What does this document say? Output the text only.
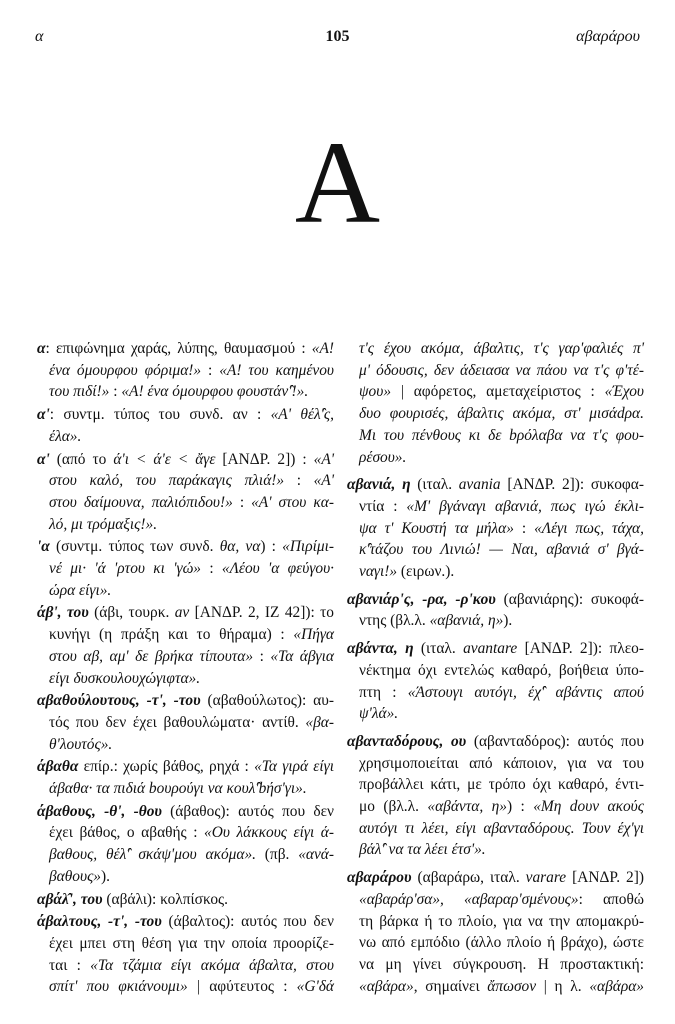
α	105	αβαράρου
Α
α: επιφώνημα χαράς, λύπης, θαυμασμού : «Α!
ένα όμουρφου φόριμα!» : «Α! του καημένου
του πιδί!» : «Α! ένα όμουρφου φουστάν̂'!».
α': συντμ. τύπος του συνδ. αν : «Α' θέλ̂'ς,
έλα».
α' (από το ά'ι < ά'ε < ἄγε [ΑΝΔΡ. 2]) : «Α'
στου καλό, του παράκαγις πλιά!» : «Α'
στου δαίμουνα, παλιόπιδου!» : «Α' στου κα-
λό, μι τρόμαξις!».
'α (συντμ. τύπος των συνδ. θα, να) : «Πιρίμι-
νέ μι· 'ά 'ρτου κι 'γώ» : «Λέου 'α φεύγου·
ώρα είγι».
άβ', του (άβι, τουρκ. av [ΑΝΔΡ. 2, ΙΖ 42]): το
κυνήγι (η πράξη και το θήραμα) : «Πήγα
στου αβ, αμ' δε βρήκα τίπουτα» : «Τα άβγια
είγι δυσκουλουχώγιφτα».
αβαθούλουτους, -τ', -του (αβαθούλωτος): αυ-
τός που δεν έχει βαθουλώματα· αντίθ. «βα-
θ'λουτός».
άβαθα επίρ.: χωρίς βάθος, ρηχά : «Τα γιρά είγι
άβαθα· τα πιδιά bουρούγι να κουλ̂'bήσ'γι».
άβαθους, -θ', -θου (άβαθος): αυτός που δεν
έχει βάθος, ο αβαθής : «Ου λάκκους είγι ά-
βαθους, θέλ̂' σκάψ'μου ακόμα». (πβ. «ανά-
βαθους»).
αβάλ̂', του (αβάλι): κολπίσκος.
άβαλτους, -τ', -του (άβαλτος): αυτός που δεν
έχει μπει στη θέση για την οποία προορίζε-
ται : «Τα τζάμια είγι ακόμα άβαλτα, στου
σπίτ' που φκιάνουμι» | αφύτευτος : «G'δά
τ'ς έχου ακόμα, άβαλτις, τ'ς γαρ'φαλιές π'
μ' όδουσις, δεν άδειασα να πάου να τ'ς φ'τέ-
ψου» | αφόρετος, αμεταχείριστος : «Έχου
δυο φουρισές, άβαλτις ακόμα, στ' μισάdρα.
Μι του πένθους κι δε bρόλαβα να τ'ς φου-
ρέσου».
αβανιά, η (ιταλ. avania [ΑΝΔΡ. 2]): συκοφα-
ντία : «Μ' βγάναγι αβανιά, πως ιγώ έκλι-
ψα τ' Κουστή τα μήλα» : «Λέγι πως, τάχα,
κ̂'τάζου του Λινιώ! — Ναι, αβανιά σ' βγά-
ναγι!» (ειρων.).
αβανιάρ'ς, -ρα, -ρ'κου (αβανιάρης): συκοφά-
ντης (βλ.λ. «αβανιά, η»).
αβάντα, η (ιταλ. avantare [ΑΝΔΡ. 2]): πλεο-
νέκτημα όχι εντελώς καθαρό, βοήθεια ύπο-
πτη : «Άστουγι αυτόγι, έχ̂' αβάντις απού
ψ'λά».
αβανταδόρους, ου (αβανταδόρος): αυτός που
χρησιμοποιείται από κάποιον, για να του
προβάλλει κάτι, με τρόπο όχι καθαρό, έντι-
μο (βλ.λ. «αβάντα, η») : «Μη dουν ακούς
αυτόγι τι λέει, είγι αβανταδόρους. Τουν έχ'γι
βάλ̂' να τα λέει έτσ'».
αβαράρου (αβαράρω, ιταλ. varare [ΑΝΔΡ. 2])
«αβαράρ'σα», «αβαραρ'σμένους»: αποθώ
τη βάρκα ή το πλοίο, για να την απομακρύ-
νω από εμπόδιο (άλλο πλοίο ή βράχο), ώστε
να μη γίνει σύγκρουση. Η προστακτική:
«αβάρα», σημαίνει ἄπωσον | η λ. «αβάρα»
